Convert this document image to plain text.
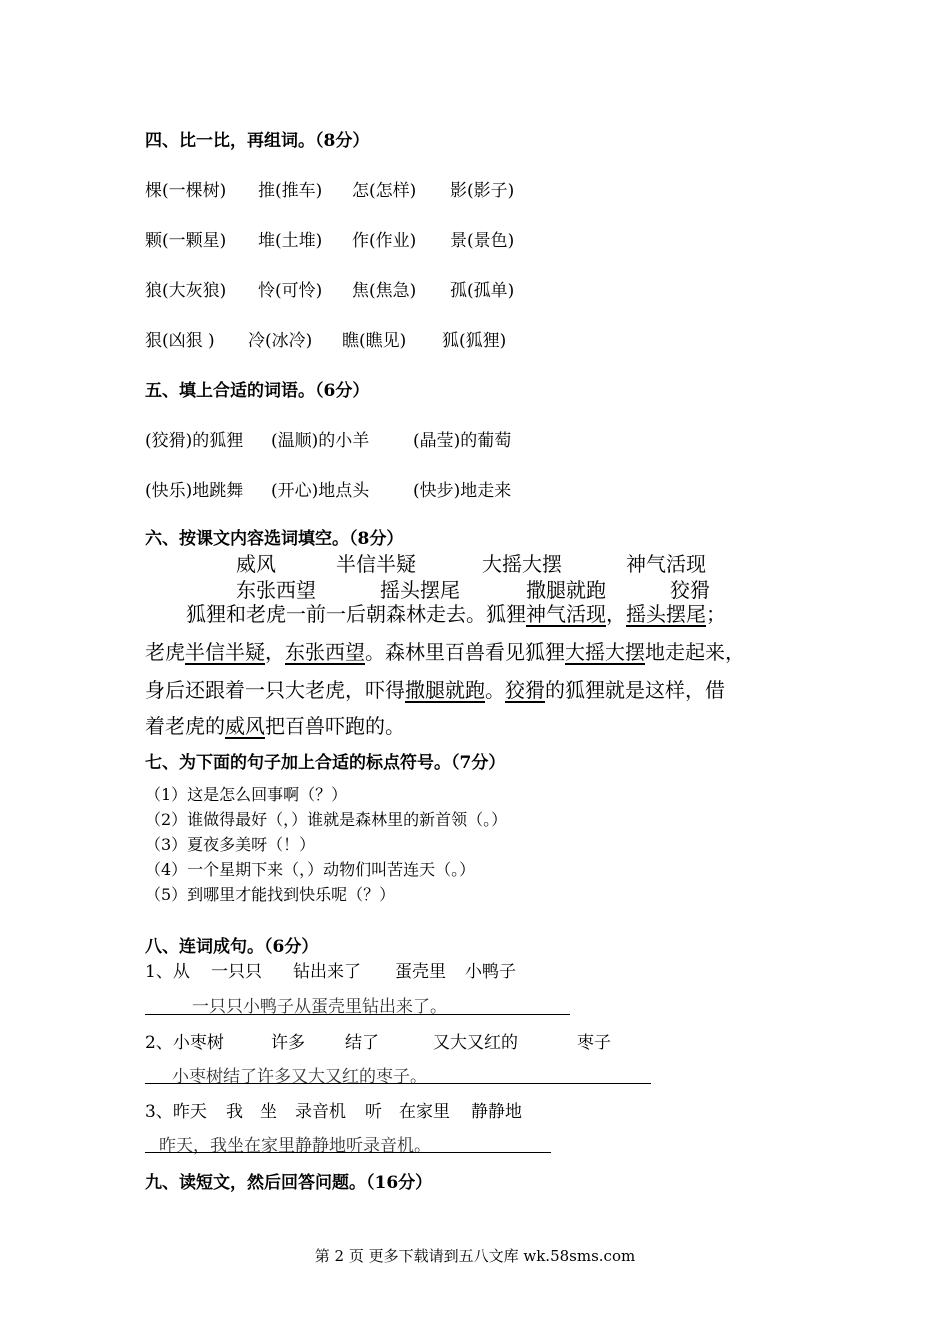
四、比一比，再组词。（8分）
棵(一棵树) 推(推车) 怎(怎样) 影(影子)
颗(一颗星) 堆(土堆) 作(作业) 景(景色)
狼(大灰狼) 怜(可怜) 焦(焦急) 孤(孤单)
狠(凶狠 ) 冷(冰冷) 瞧(瞧见) 狐(狐狸)
五、填上合适的词语。（6分）
(狡猾)的狐狸 (温顺)的小羊	(晶莹)的葡萄
(快乐)地跳舞 (开心)地点头	(快步)地走来
六、按课文内容选词填空。（8分）
威风	半信半疑	大摇大摆	神气活现
东张西望	摇头摆尾	撒腿就跑	狡猾
狐狸和老虎一前一后朝森林走去。狐狸神气活现，摇头摆尾；
老虎半信半疑，东张西望。森林里百兽看见狐狸大摇大摆地走起来，
身后还跟着一只大老虎，吓得撒腿就跑。狡猾的狐狸就是这样，借
着老虎的威风把百兽吓跑的。
七、为下面的句子加上合适的标点符号。（7分）
（1）这是怎么回事啊（？）
（2）谁做得最好（，）谁就是森林里的新首领（。）
（3）夏夜多美呀（！）
（4）一个星期下来（，）动物们叫苦连天（。）
（5）到哪里才能找到快乐呢（？）
八、连词成句。（6分）
1、从 一只只 钻出来了 蛋壳里 小鸭子
一只只小鸭子从蛋壳里钻出来了。
2、小枣树	许多 结了	又大又红的	枣子
小枣树结了许多又大又红的枣子。
3、昨天 我 坐 录音机 听 在家里 静静地
昨天，我坐在家里静静地听录音机。
九、读短文，然后回答问题。（16分）
第 2 页 更多下载请到五八文库 wk.58sms.com
